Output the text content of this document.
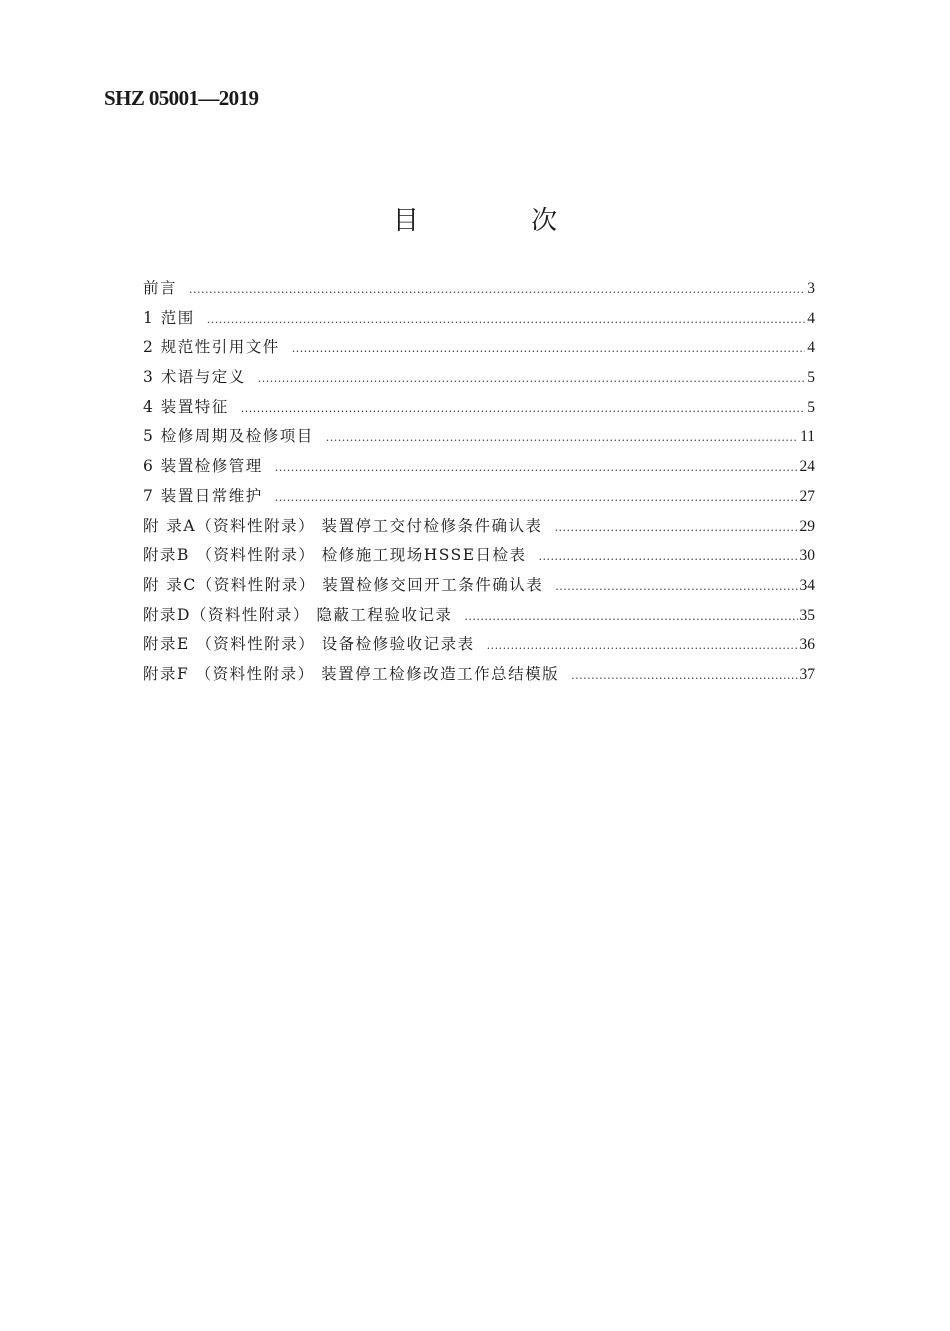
SHZ 05001—2019
目 次
前言 .....	3
1 范围 .....	4
2 规范性引用文件 .....	4
3 术语与定义 .....	5
4 装置特征 .....	5
5 检修周期及检修项目 .....	11
6 装置检修管理 .....	24
7 装置日常维护 .....	27
附 录A（资料性附录） 装置停工交付检修条件确认表 .....	29
附录B （资料性附录） 检修施工现场HSSE日检表 .....	30
附 录C（资料性附录） 装置检修交回开工条件确认表 .....	34
附录D（资料性附录） 隐蔽工程验收记录 .....	35
附录E （资料性附录） 设备检修验收记录表 .....	36
附录F （资料性附录） 装置停工检修改造工作总结模版 .....	37
